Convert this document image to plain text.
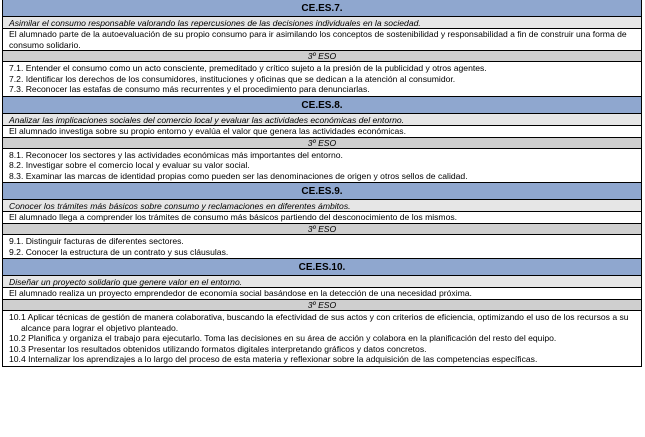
CE.ES.7.
Asimilar el consumo responsable valorando las repercusiones de las decisiones individuales en la sociedad.
El alumnado parte de la autoevaluación de su propio consumo para ir asimilando los conceptos de sostenibilidad y responsabilidad a fin de construir una forma de consumo solidario.
3º ESO
7.1. Entender el consumo como un acto consciente, premeditado y crítico sujeto a la presión de la publicidad y otros agentes.
7.2. Identificar los derechos de los consumidores, instituciones y oficinas que se dedican a la atención al consumidor.
7.3. Reconocer las estafas de consumo más recurrentes y el procedimiento para denunciarlas.
CE.ES.8.
Analizar las implicaciones sociales del comercio local y evaluar las actividades económicas del entorno.
El alumnado investiga sobre su propio entorno y evalúa el valor que genera las actividades económicas.
3º ESO
8.1. Reconocer los sectores y las actividades económicas más importantes del entorno.
8.2. Investigar sobre el comercio local y evaluar su valor social.
8.3. Examinar las marcas de identidad propias como pueden ser las denominaciones de origen y otros sellos de calidad.
CE.ES.9.
Conocer los trámites más básicos sobre consumo y reclamaciones en diferentes ámbitos.
El alumnado llega a comprender los trámites de consumo más básicos partiendo del desconocimiento de los mismos.
3º ESO
9.1. Distinguir facturas de diferentes sectores.
9.2. Conocer la estructura de un contrato y sus cláusulas.
CE.ES.10.
Diseñar un proyecto solidario que genere valor en el entorno.
El alumnado realiza un proyecto emprendedor de economía social basándose en la detección de una necesidad próxima.
3º ESO
10.1 Aplicar técnicas de gestión de manera colaborativa, buscando la efectividad de sus actos y con criterios de eficiencia, optimizando el uso de los recursos a su alcance para lograr el objetivo planteado.
10.2 Planifica y organiza el trabajo para ejecutarlo. Toma las decisiones en su área de acción y colabora en la planificación del resto del equipo.
10.3 Presentar los resultados obtenidos utilizando formatos digitales interpretando gráficos y datos concretos.
10.4 Internalizar los aprendizajes a lo largo del proceso de esta materia y reflexionar sobre la adquisición de las competencias específicas.
